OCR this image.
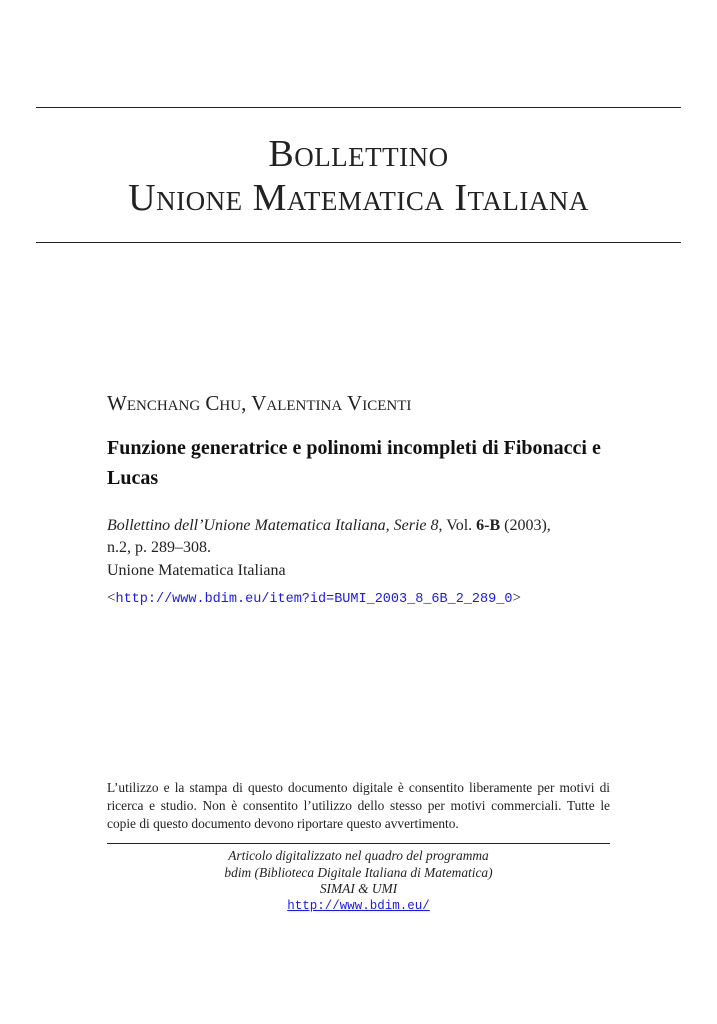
Bollettino
Unione Matematica Italiana
Wenchang Chu, Valentina Vicenti
Funzione generatrice e polinomi incompleti di Fibonacci e Lucas
Bollettino dell’Unione Matematica Italiana, Serie 8, Vol. 6-B (2003),
n.2, p. 289–308.
Unione Matematica Italiana
<http://www.bdim.eu/item?id=BUMI_2003_8_6B_2_289_0>
L’utilizzo e la stampa di questo documento digitale è consentito liberamente per motivi di ricerca e studio. Non è consentito l’utilizzo dello stesso per motivi commerciali. Tutte le copie di questo documento devono riportare questo avvertimento.
Articolo digitalizzato nel quadro del programma
bdim (Biblioteca Digitale Italiana di Matematica)
SIMAI & UMI
http://www.bdim.eu/
